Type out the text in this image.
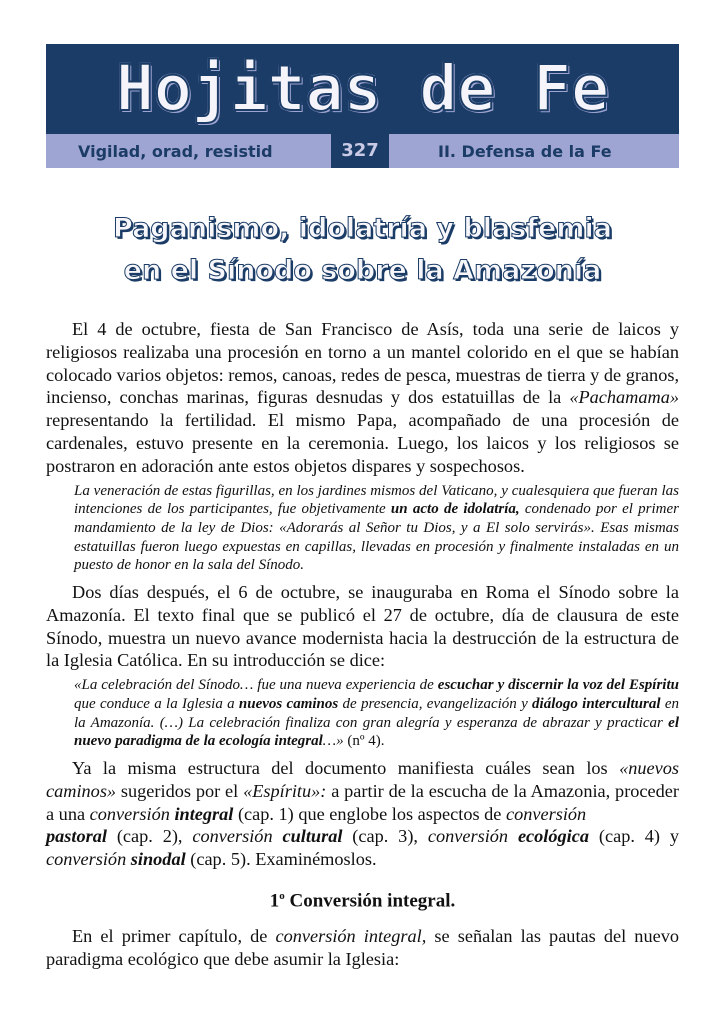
Hojitas de Fe
Vigilad, orad, resistid	327	II. Defensa de la Fe
Paganismo, idolatría y blasfemia
en el Sínodo sobre la Amazonía

El 4 de octubre, fiesta de San Francisco de Asís, toda una serie de laicos y religiosos realizaba una procesión en torno a un mantel colorido en el que se habían colocado varios objetos: remos, canoas, redes de pesca, muestras de tierra y de granos, incienso, conchas marinas, figuras desnudas y dos estatuillas de la «Pachamama» representando la fertilidad. El mismo Papa, acompañado de una procesión de cardenales, estuvo presente en la ceremonia. Luego, los laicos y los religiosos se postraron en adoración ante estos objetos dispares y sospechosos.

La veneración de estas figurillas, en los jardines mismos del Vaticano, y cualesquiera que fueran las intenciones de los participantes, fue objetivamente un acto de idolatría, condenado por el primer mandamiento de la ley de Dios: «Adorarás al Señor tu Dios, y a El solo servirás». Esas mismas estatuillas fueron luego expuestas en capillas, llevadas en procesión y finalmente instaladas en un puesto de honor en la sala del Sínodo.

Dos días después, el 6 de octubre, se inauguraba en Roma el Sínodo sobre la Amazonía. El texto final que se publicó el 27 de octubre, día de clausura de este Sínodo, muestra un nuevo avance modernista hacia la destrucción de la estructura de la Iglesia Católica. En su introducción se dice:

«La celebración del Sínodo… fue una nueva experiencia de escuchar y discernir la voz del Espíritu que conduce a la Iglesia a nuevos caminos de presencia, evangelización y diálogo intercultural en la Amazonía. (…) La celebración finaliza con gran alegría y esperanza de abrazar y practicar el nuevo paradigma de la ecología integral…» (nº 4).

Ya la misma estructura del documento manifiesta cuáles sean los «nuevos caminos» sugeridos por el «Espíritu»: a partir de la escucha de la Amazonia, proceder a una conversión integral (cap. 1) que englobe los aspectos de conversión
pastoral (cap. 2), conversión cultural (cap. 3), conversión ecológica (cap. 4) y conversión sinodal (cap. 5). Examinémoslos.

1$^o$ Conversión integral.

En el primer capítulo, de conversión integral, se señalan las pautas del nuevo paradigma ecológico que debe asumir la Iglesia:
